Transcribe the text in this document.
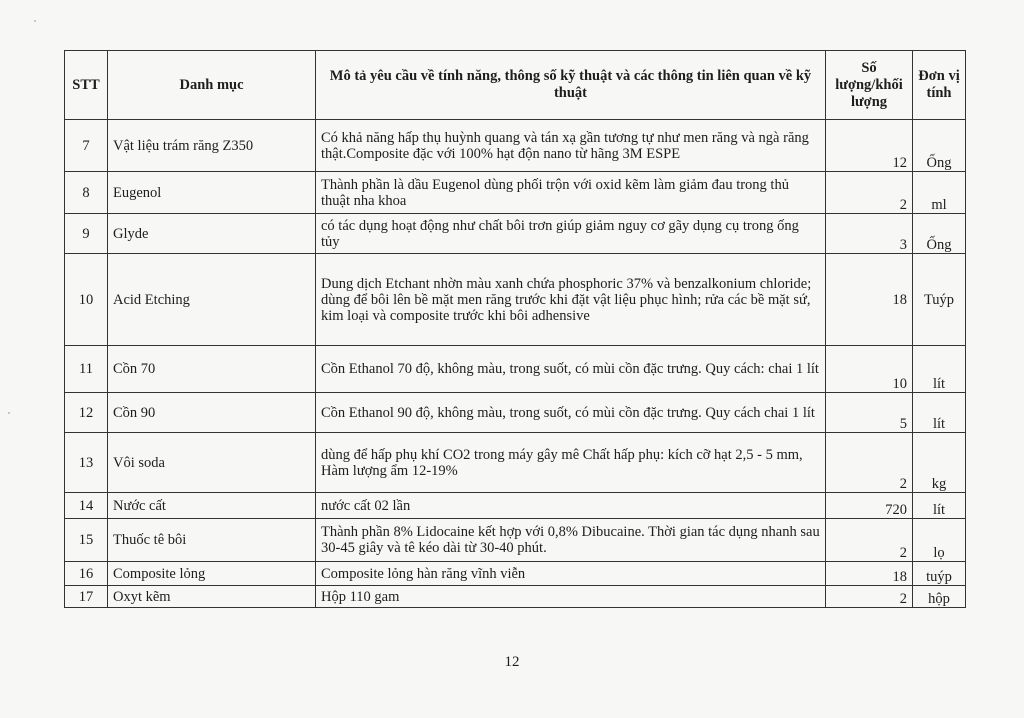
STT	Danh mục	Mô tả yêu cầu về tính năng, thông số kỹ thuật và các thông tin liên quan về kỹ thuật	Số lượng/khối lượng	Đơn vị tính
7	Vật liệu trám răng Z350	Có khả năng hấp thụ huỳnh quang và tán xạ gần tương tự như men răng và ngà răng thật.Composite đặc với 100% hạt độn nano từ hãng 3M ESPE	12	Ống
8	Eugenol	Thành phần là dầu Eugenol dùng phối trộn với oxid kẽm làm giảm đau trong thủ thuật nha khoa	2	ml
9	Glyde	có tác dụng hoạt động như chất bôi trơn giúp giảm nguy cơ gãy dụng cụ trong ống tủy	3	Ống
10	Acid Etching	Dung dịch Etchant nhờn màu xanh chứa phosphoric 37% và benzalkonium chloride; dùng để bôi lên bề mặt men răng trước khi đặt vật liệu phục hình; rửa các bề mặt sứ, kim loại và composite trước khi bôi adhensive	18	Tuýp
11	Cồn 70	Cồn Ethanol 70 độ, không màu, trong suốt, có mùi cồn đặc trưng. Quy cách: chai 1 lít	10	lít
12	Cồn 90	Cồn Ethanol 90 độ, không màu, trong suốt, có mùi cồn đặc trưng. Quy cách chai 1 lít	5	lít
13	Vôi soda	dùng để hấp phụ khí CO2 trong máy gây mê Chất hấp phụ: kích cỡ hạt 2,5 - 5 mm, Hàm lượng ẩm 12-19%	2	kg
14	Nước cất	nước cất 02 lần	720	lít
15	Thuốc tê bôi	Thành phần 8% Lidocaine kết hợp với 0,8% Dibucaine. Thời gian tác dụng nhanh sau 30-45 giây và tê kéo dài từ 30-40 phút.	2	lọ
16	Composite lỏng	Composite lỏng hàn răng vĩnh viễn	18	tuýp
17	Oxyt kẽm	Hộp 110 gam	2	hộp
12
